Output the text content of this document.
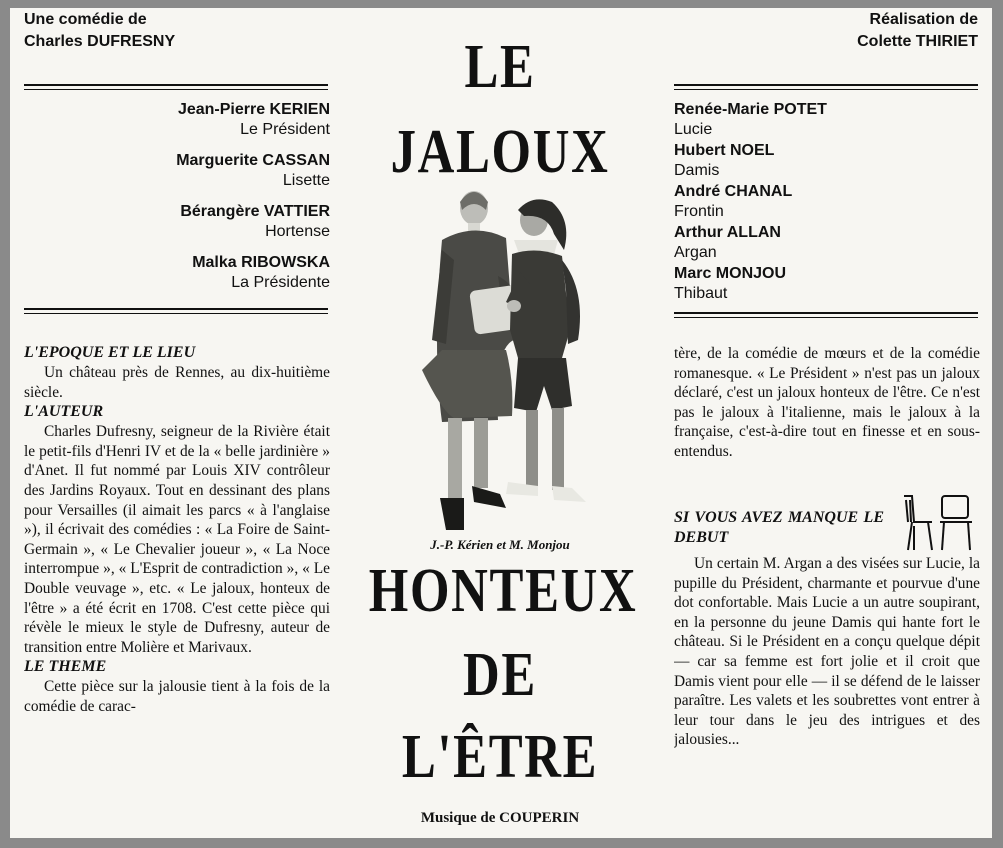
Une comédie de
Charles DUFRESNY
Réalisation de
Colette THIRIET
Jean-Pierre KERIEN
Le Président
Marguerite CASSAN
Lisette
Bérangère VATTIER
Hortense
Malka RIBOWSKA
La Présidente
Renée-Marie POTET
Lucie
Hubert NOEL
Damis
André CHANAL
Frontin
Arthur ALLAN
Argan
Marc MONJOU
Thibaut
LE
JALOUX
HONTEUX
DE
L'ÊTRE
J.-P. Kérien et M. Monjou
Musique de COUPERIN
L'EPOQUE ET LE LIEU

Un château près de Rennes, au dix-huitième siècle.

L'AUTEUR

Charles Dufresny, seigneur de la Rivière était le petit-fils d'Henri IV et de la « belle jardinière » d'Anet. Il fut nommé par Louis XIV contrôleur des Jardins Royaux. Tout en dessinant des plans pour Versailles (il aimait les parcs « à l'anglaise »), il écrivait des comédies : « La Foire de Saint-Germain », « Le Chevalier joueur », « La Noce interrompue », « L'Esprit de contradiction », « Le Double veuvage », etc. « Le jaloux, honteux de l'être » a été écrit en 1708. C'est cette pièce qui révèle le mieux le style de Dufresny, auteur de transition entre Molière et Marivaux.

LE THEME

Cette pièce sur la jalousie tient à la fois de la comédie de carac-

tère, de la comédie de mœurs et de la comédie romanesque. « Le Président » n'est pas un jaloux déclaré, c'est un jaloux honteux de l'être. Ce n'est pas le jaloux à l'italienne, mais le jaloux à la française, c'est-à-dire tout en finesse et en sous-entendus.

SI VOUS AVEZ MANQUE LE DEBUT

Un certain M. Argan a des visées sur Lucie, la pupille du Président, charmante et pourvue d'une dot confortable. Mais Lucie a un autre soupirant, en la personne du jeune Damis qui hante fort le château. Si le Président en a conçu quelque dépit — car sa femme est fort jolie et il croit que Damis vient pour elle — il se défend de le laisser paraître. Les valets et les soubrettes vont entrer à leur tour dans le jeu des intrigues et des jalousies...
